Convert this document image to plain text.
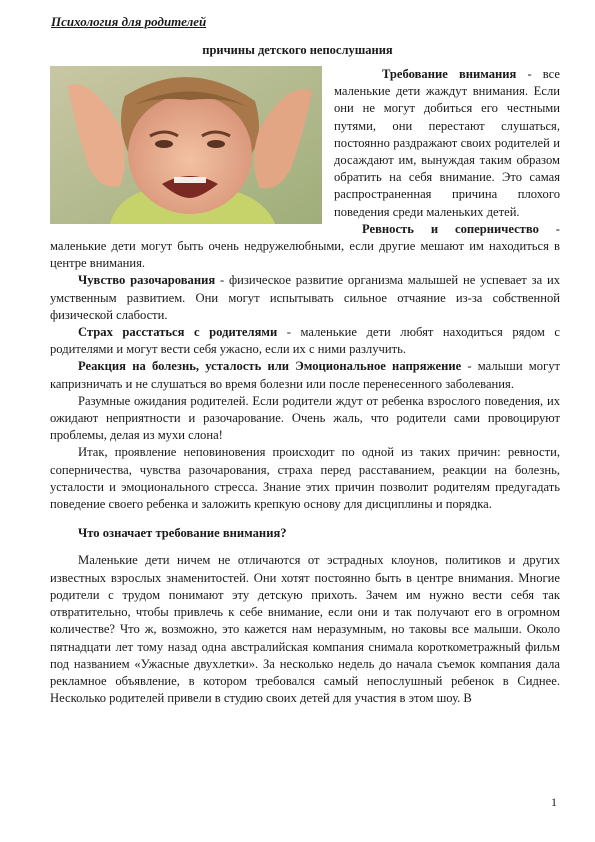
Психология для родителей
причины детского непослушания

Требование внимания - все маленькие дети жаждут внимания. Если они не могут добиться его честными путями, они перестают слушаться, постоянно раздражают своих родителей и досаждают им, вынуждая таким образом обратить на себя внимание. Это самая распространенная причина плохого поведения среди маленьких детей.

Ревность и соперничество - маленькие дети могут быть очень недружелюбными, если другие мешают им находиться в центре внимания.

Чувство разочарования - физическое развитие организма малышей не успевает за их умственным развитием. Они могут испытывать сильное отчаяние из-за собственной физической слабости.

Страх расстаться с родителями - маленькие дети любят находиться рядом с родителями и могут вести себя ужасно, если их с ними разлучить.

Реакция на болезнь, усталость или Эмоциональное напряжение - малыши могут капризничать и не слушаться во время болезни или после перенесенного заболевания.

Разумные ожидания родителей. Если родители ждут от ребенка взрослого поведения, их ожидают неприятности и разочарование. Очень жаль, что родители сами провоцируют проблемы, делая из мухи слона!

Итак, проявление неповиновения происходит по одной из таких причин: ревности, соперничества, чувства разочарования, страха перед расставанием, реакции на болезнь, усталости и эмоционального стресса. Знание этих причин позволит родителям предугадать поведение своего ребенка и заложить крепкую основу для дисциплины и порядка.

Что означает требование внимания?

Маленькие дети ничем не отличаются от эстрадных клоунов, политиков и других известных взрослых знаменитостей. Они хотят постоянно быть в центре внимания. Многие родители с трудом понимают эту детскую прихоть. Зачем им нужно вести себя так отвратительно, чтобы привлечь к себе внимание, если они и так получают его в огромном количестве? Что ж, возможно, это кажется нам неразумным, но таковы все малыши. Около пятнадцати лет тому назад одна австралийская компания снимала короткометражный фильм под названием «Ужасные двухлетки». За несколько недель до начала съемок компания дала рекламное объявление, в котором требовался самый непослушный ребенок в Сиднее. Несколько родителей привели в студию своих детей для участия в этом шоу. В

1
